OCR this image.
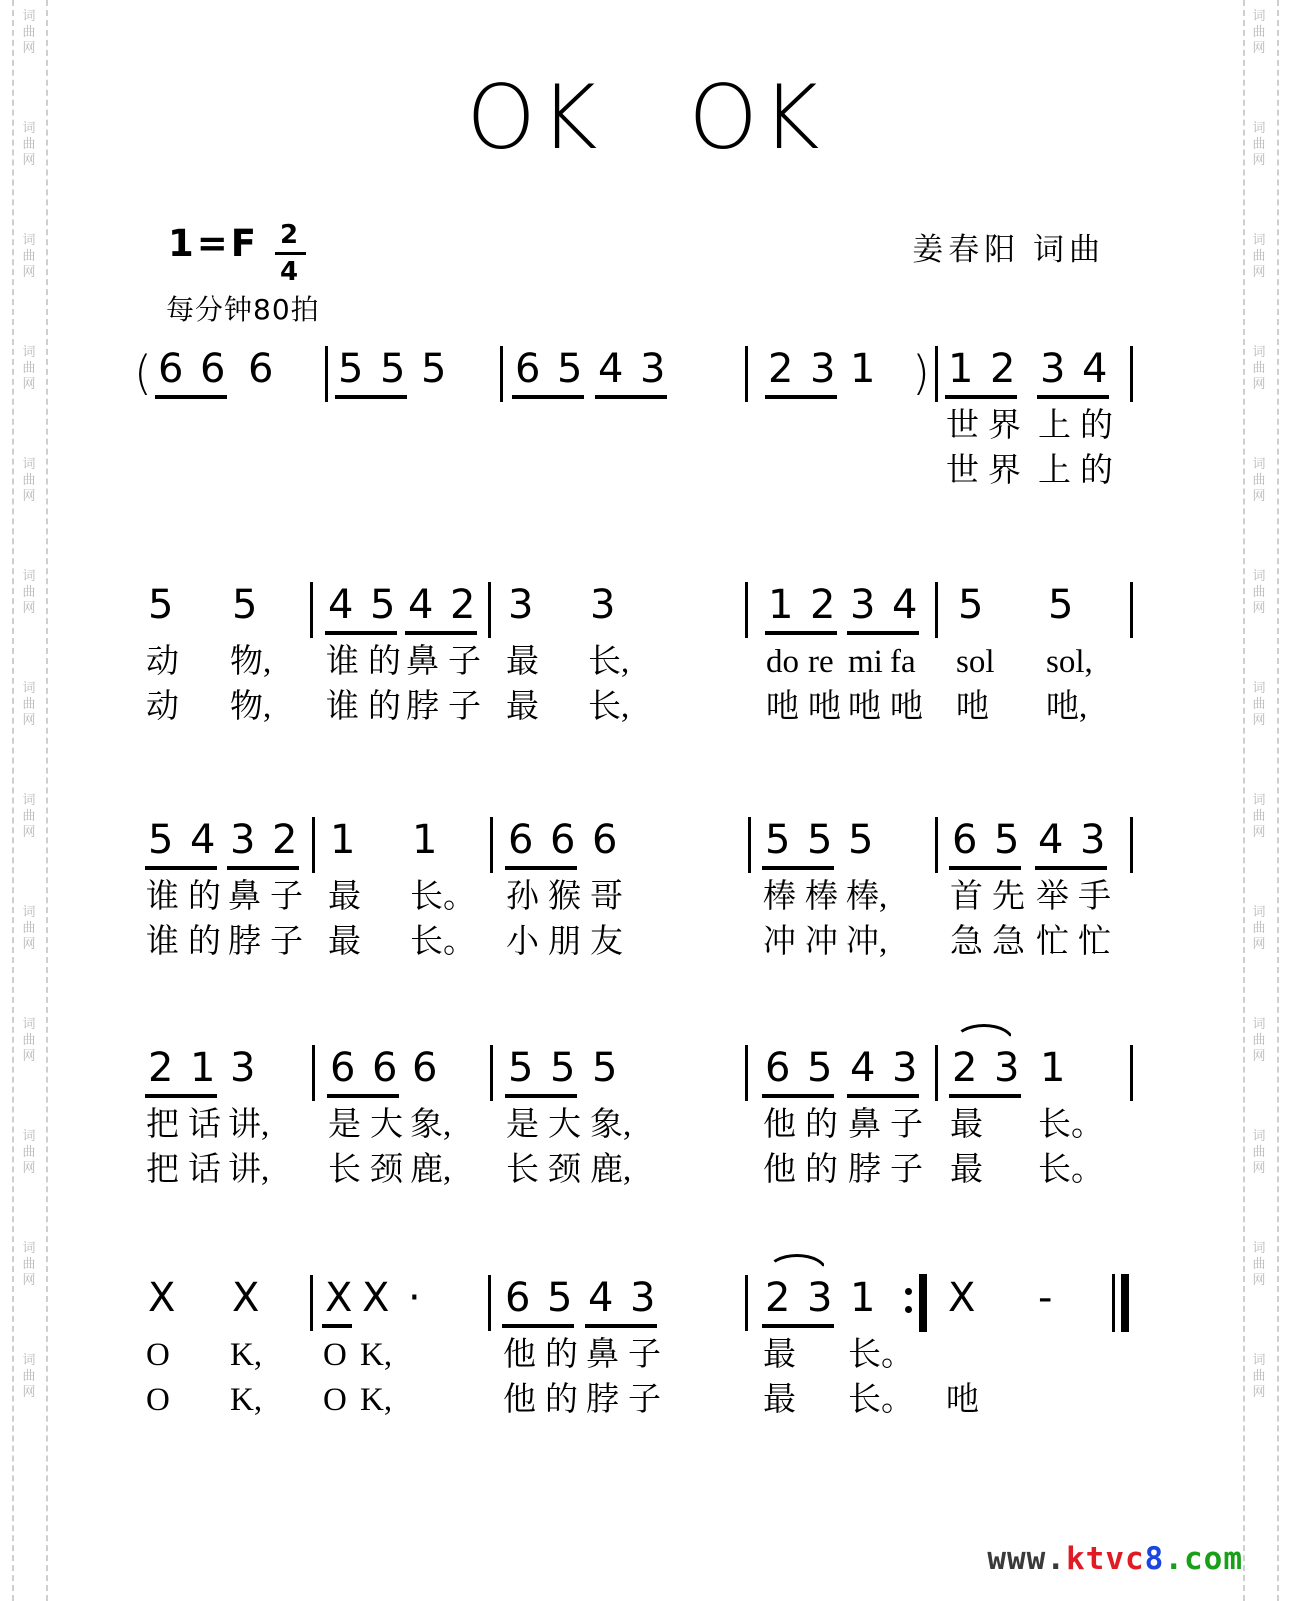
词
曲
网
词
曲
网
词
曲
网
词
曲
网
词
曲
网
词
曲
网
词
曲
网
词
曲
网
词
曲
网
词
曲
网
词
曲
网
词
曲
网
词
曲
网
词
曲
网
词
曲
网
词
曲
网
词
曲
网
词
曲
网
词
曲
网
词
曲
网
词
曲
网
词
曲
网
词
曲
网
词
曲
网
词
曲
网
词
曲
网
OK OK
1 = F $\frac{2}{4}$
每分钟80拍
姜春阳 词曲
( 6 6 6 5 5 5 6 5 4 3	2 3 1 ) 1
世
世
2
界
界
3
上
上
4
的
的
5
动
动
5
物,
物,
4
谁
谁
5
的
的
4
鼻
脖
2
子
子
3
最
最
3
长,
长,
1
do
吔
2
re
吔
3
mi
吔
4
fa
吔
5
sol
吔
5
sol,
吔,
5
谁
谁
4
的
的
3
鼻
脖
2
子
子
1
最
最
1
长。
长。
6
孙
小
6
猴
朋
6
哥
友
5
棒
冲
5
棒
冲
5
棒,
冲,
6
首
急
5
先
急
4
举
忙
3
手
忙
2
把
把
1
话
话
3
讲,
讲,
6
是
长
6
大
颈
6
象,
鹿,
5
是
长
5
大
颈
5
象,
鹿,
6
他
他
5
的
的
4
鼻
脖
3
子
子
2
最
最
3 1
长。
长。
X
O
O
X
K,
K,
X
O
O
X
K,
K,
· 6
他
他
5
的
的
4
鼻
脖
3
子
子
2
最
最
3 1
长。
长。
X
吔
-
www.ktvc8.com
